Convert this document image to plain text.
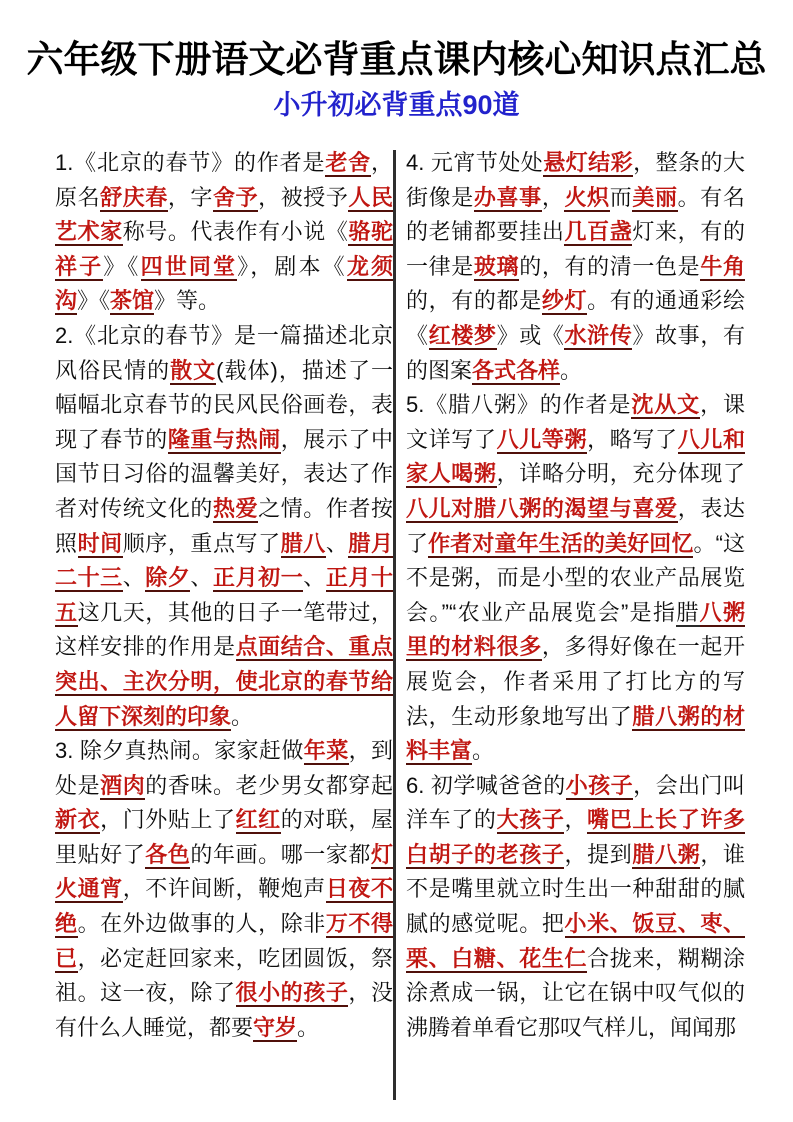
六年级下册语文必背重点课内核心知识点汇总
小升初必背重点90道

1.《北京的春节》的作者是老舍，原名舒庆春，字舍予，被授予人民艺术家称号。代表作有小说《骆驼祥子》《四世同堂》，剧本《龙须沟》《茶馆》等。

2.《北京的春节》是一篇描述北京风俗民情的散文(载体)，描述了一幅幅北京春节的民风民俗画卷，表现了春节的隆重与热闹，展示了中国节日习俗的温馨美好，表达了作者对传统文化的热爱之情。作者按照时间顺序，重点写了腊八、腊月二十三、除夕、正月初一、正月十五这几天，其他的日子一笔带过，这样安排的作用是点面结合、重点突出、主次分明，使北京的春节给人留下深刻的印象。

3. 除夕真热闹。家家赶做年菜，到处是酒肉的香味。老少男女都穿起新衣，门外贴上了红红的对联，屋里贴好了各色的年画。哪一家都灯火通宵，不许间断，鞭炮声日夜不绝。在外边做事的人，除非万不得已，必定赶回家来，吃团圆饭，祭祖。这一夜，除了很小的孩子，没有什么人睡觉，都要守岁。

4. 元宵节处处悬灯结彩，整条的大街像是办喜事，火炽而美丽。有名的老铺都要挂出几百盏灯来，有的一律是玻璃的，有的清一色是牛角的，有的都是纱灯。有的通通彩绘《红楼梦》或《水浒传》故事，有的图案各式各样。

5.《腊八粥》的作者是沈从文，课文详写了八儿等粥，略写了八儿和家人喝粥，详略分明，充分体现了八儿对腊八粥的渴望与喜爱，表达了作者对童年生活的美好回忆。“这不是粥，而是小型的农业产品展览会。”“农业产品展览会”是指腊八粥里的材料很多，多得好像在一起开展览会，作者采用了打比方的写法，生动形象地写出了腊八粥的材料丰富。

6. 初学喊爸爸的小孩子，会出门叫洋车了的大孩子，嘴巴上长了许多白胡子的老孩子，提到腊八粥，谁不是嘴里就立时生出一种甜甜的腻腻的感觉呢。把小米、饭豆、枣、栗、白糖、花生仁合拢来，糊糊涂涂煮成一锅，让它在锅中叹气似的沸腾着单看它那叹气样儿，闻闻那
